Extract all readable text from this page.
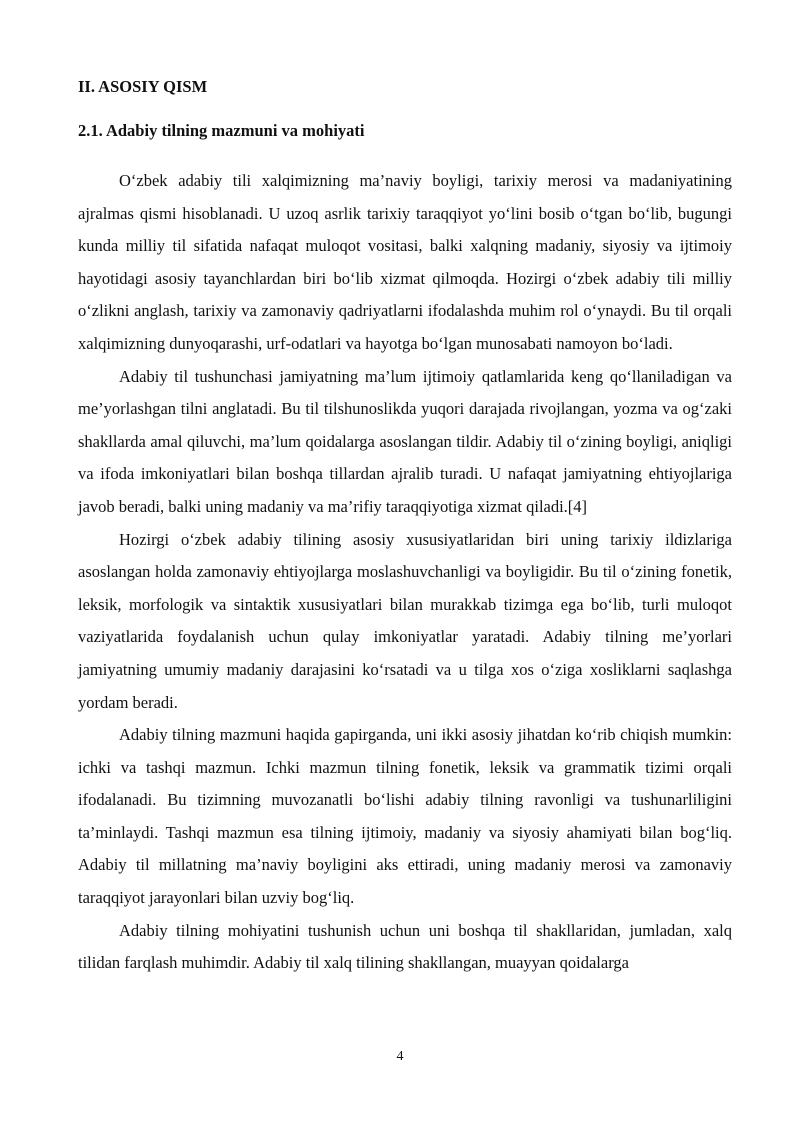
II. ASOSIY QISM
2.1. Adabiy tilning mazmuni va mohiyati

O‘zbek adabiy tili xalqimizning ma’naviy boyligi, tarixiy merosi va madaniyatining ajralmas qismi hisoblanadi. U uzoq asrlik tarixiy taraqqiyot yo‘lini bosib o‘tgan bo‘lib, bugungi kunda milliy til sifatida nafaqat muloqot vositasi, balki xalqning madaniy, siyosiy va ijtimoiy hayotidagi asosiy tayanchlardan biri bo‘lib xizmat qilmoqda. Hozirgi o‘zbek adabiy tili milliy o‘zlikni anglash, tarixiy va zamonaviy qadriyatlarni ifodalashda muhim rol o‘ynaydi. Bu til orqali xalqimizning dunyoqarashi, urf-odatlari va hayotga bo‘lgan munosabati namoyon bo‘ladi.

Adabiy til tushunchasi jamiyatning ma’lum ijtimoiy qatlamlarida keng qo‘llaniladigan va me’yorlashgan tilni anglatadi. Bu til tilshunoslikda yuqori darajada rivojlangan, yozma va og‘zaki shakllarda amal qiluvchi, ma’lum qoidalarga asoslangan tildir. Adabiy til o‘zining boyligi, aniqligi va ifoda imkoniyatlari bilan boshqa tillardan ajralib turadi. U nafaqat jamiyatning ehtiyojlariga javob beradi, balki uning madaniy va ma’rifiy taraqqiyotiga xizmat qiladi.[4]

Hozirgi o‘zbek adabiy tilining asosiy xususiyatlaridan biri uning tarixiy ildizlariga asoslangan holda zamonaviy ehtiyojlarga moslashuvchanligi va boyligidir. Bu til o‘zining fonetik, leksik, morfologik va sintaktik xususiyatlari bilan murakkab tizimga ega bo‘lib, turli muloqot vaziyatlarida foydalanish uchun qulay imkoniyatlar yaratadi. Adabiy tilning me’yorlari jamiyatning umumiy madaniy darajasini ko‘rsatadi va u tilga xos o‘ziga xosliklarni saqlashga yordam beradi.

Adabiy tilning mazmuni haqida gapirganda, uni ikki asosiy jihatdan ko‘rib chiqish mumkin: ichki va tashqi mazmun. Ichki mazmun tilning fonetik, leksik va grammatik tizimi orqali ifodalanadi. Bu tizimning muvozanatli bo‘lishi adabiy tilning ravonligi va tushunarliligini ta’minlaydi. Tashqi mazmun esa tilning ijtimoiy, madaniy va siyosiy ahamiyati bilan bog‘liq. Adabiy til millatning ma’naviy boyligini aks ettiradi, uning madaniy merosi va zamonaviy taraqqiyot jarayonlari bilan uzviy bog‘liq.

Adabiy tilning mohiyatini tushunish uchun uni boshqa til shakllaridan, jumladan, xalq tilidan farqlash muhimdir. Adabiy til xalq tilining shakllangan, muayyan qoidalarga

4
